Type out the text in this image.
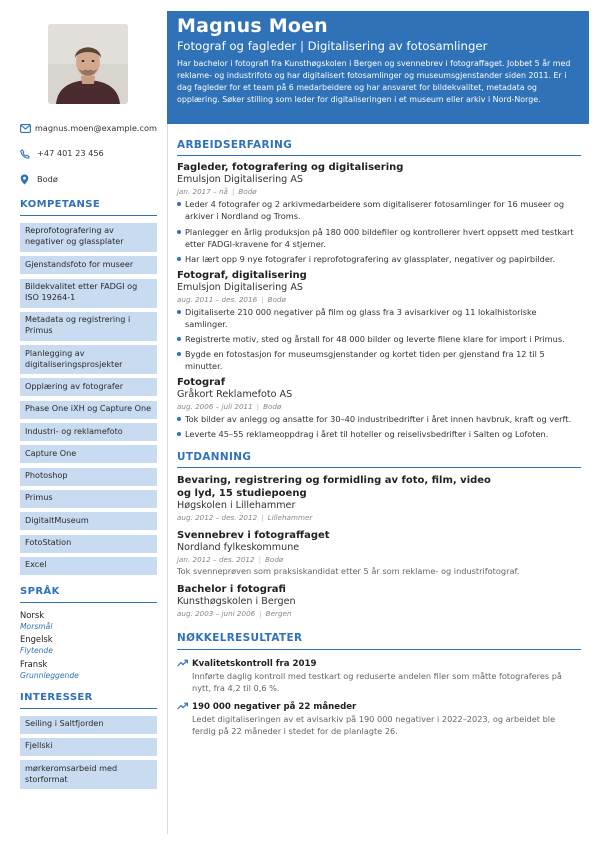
magnus.moen@example.com
+47 401 23 456
Bodø
KOMPETANSE
Reprofotografering av negativer og glassplater
Gjenstandsfoto for museer
Bildekvalitet etter FADGI og ISO 19264-1
Metadata og registrering i Primus
Planlegging av digitaliseringsprosjekter
Opplæring av fotografer
Phase One iXH og Capture One
Industri- og reklamefoto
Capture One
Photoshop
Primus
DigitaltMuseum
FotoStation
Excel
SPRÅK
Norsk
Morsmål
Engelsk
Flytende
Fransk
Grunnleggende
INTERESSER
Seiling i Saltfjorden
Fjellski
mørkeromsarbeid med storformat
Magnus Moen
Fotograf og fagleder | Digitalisering av fotosamlinger
Har bachelor i fotografi fra Kunsthøgskolen i Bergen og svennebrev i fotograffaget. Jobbet 5 år med reklame- og industrifoto og har digitalisert fotosamlinger og museumsgjenstander siden 2011. Er i dag fagleder for et team på 6 medarbeidere og har ansvaret for bildekvalitet, metadata og opplæring. Søker stilling som leder for digitaliseringen i et museum eller arkiv i Nord-Norge.
ARBEIDSERFARING
Fagleder, fotografering og digitalisering
Emulsjon Digitalisering AS
jan. 2017 – nå | Bodø
Leder 4 fotografer og 2 arkivmedarbeidere som digitaliserer fotosamlinger for 16 museer og arkiver i Nordland og Troms.
Planlegger en årlig produksjon på 180 000 bildefiler og kontrollerer hvert oppsett med testkart etter FADGI-kravene for 4 stjerner.
Har lært opp 9 nye fotografer i reprofotografering av glassplater, negativer og papirbilder.
Fotograf, digitalisering
Emulsjon Digitalisering AS
aug. 2011 – des. 2016 | Bodø
Digitaliserte 210 000 negativer på film og glass fra 3 avisarkiver og 11 lokalhistoriske samlinger.
Registrerte motiv, sted og årstall for 48 000 bilder og leverte filene klare for import i Primus.
Bygde en fotostasjon for museumsgjenstander og kortet tiden per gjenstand fra 12 til 5 minutter.
Fotograf
Gråkort Reklamefoto AS
aug. 2006 – juli 2011 | Bodø
Tok bilder av anlegg og ansatte for 30–40 industribedrifter i året innen havbruk, kraft og verft.
Leverte 45–55 reklameoppdrag i året til hoteller og reiselivsbedrifter i Salten og Lofoten.
UTDANNING
Bevaring, registrering og formidling av foto, film, video og lyd, 15 studiepoeng
Høgskolen i Lillehammer
aug. 2012 – des. 2012 | Lillehammer
Svennebrev i fotograffaget
Nordland fylkeskommune
jan. 2012 – des. 2012 | Bodø
Tok svenneprøven som praksiskandidat etter 5 år som reklame- og industrifotograf.
Bachelor i fotografi
Kunsthøgskolen i Bergen
aug. 2003 – juni 2006 | Bergen
NØKKELRESULTATER
Kvalitetskontroll fra 2019
Innførte daglig kontroll med testkart og reduserte andelen filer som måtte fotograferes på nytt, fra 4,2 til 0,6 %.
190 000 negativer på 22 måneder
Ledet digitaliseringen av et avisarkiv på 190 000 negativer i 2022–2023, og arbeidet ble ferdig på 22 måneder i stedet for de planlagte 26.
